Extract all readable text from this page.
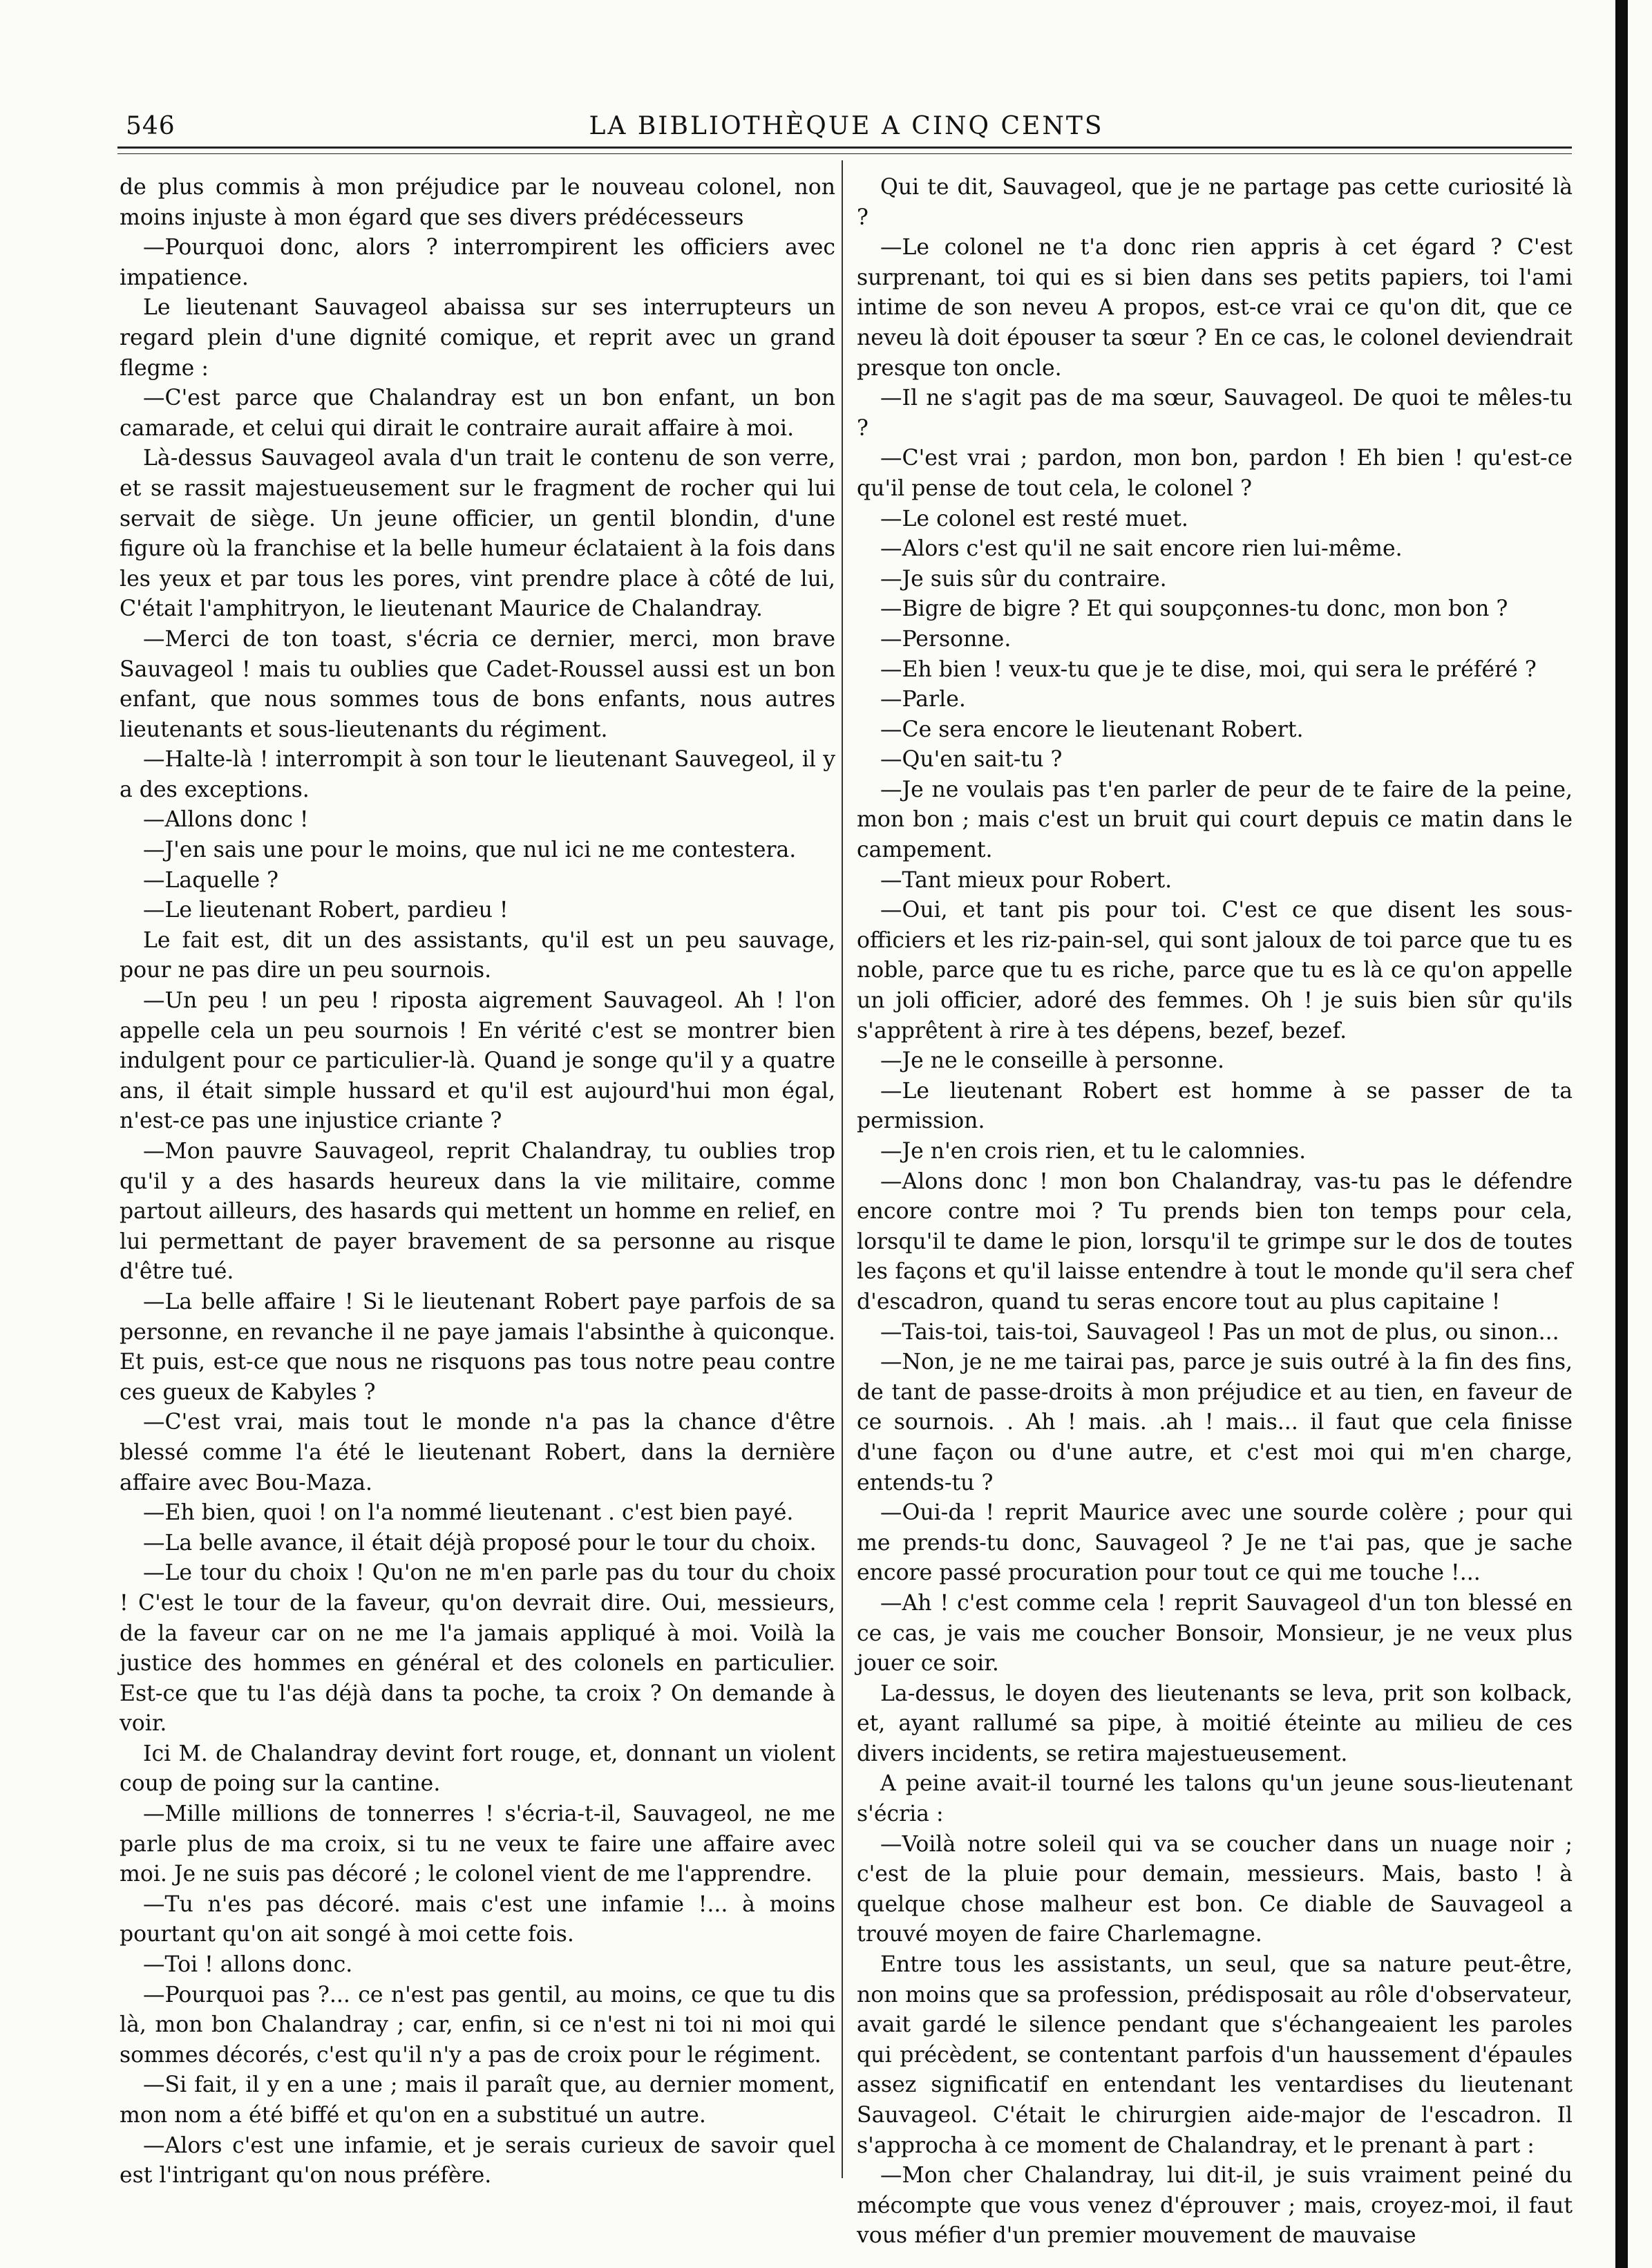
546	LA BIBLIOTHÈQUE A CINQ CENTS

de plus commis à mon préjudice par le nouveau colonel, non moins injuste à mon égard que ses divers prédécesseurs

—Pourquoi donc, alors ? interrompirent les officiers avec impatience.

Le lieutenant Sauvageol abaissa sur ses interrupteurs un regard plein d'une dignité comique, et reprit avec un grand flegme :

—C'est parce que Chalandray est un bon enfant, un bon camarade, et celui qui dirait le contraire aurait affaire à moi.

Là-dessus Sauvageol avala d'un trait le contenu de son verre, et se rassit majestueusement sur le fragment de rocher qui lui servait de siège. Un jeune officier, un gentil blondin, d'une figure où la franchise et la belle humeur éclataient à la fois dans les yeux et par tous les pores, vint prendre place à côté de lui, C'était l'amphitryon, le lieutenant Maurice de Chalandray.

—Merci de ton toast, s'écria ce dernier, merci, mon brave Sauvageol ! mais tu oublies que Cadet-Roussel aussi est un bon enfant, que nous sommes tous de bons enfants, nous autres lieutenants et sous-lieutenants du régiment.

—Halte-là ! interrompit à son tour le lieutenant Sauvegeol, il y a des exceptions.

—Allons donc !

—J'en sais une pour le moins, que nul ici ne me contestera.

—Laquelle ?

—Le lieutenant Robert, pardieu !

Le fait est, dit un des assistants, qu'il est un peu sauvage, pour ne pas dire un peu sournois.

—Un peu ! un peu ! riposta aigrement Sauvageol. Ah ! l'on appelle cela un peu sournois ! En vérité c'est se montrer bien indulgent pour ce particulier-là. Quand je songe qu'il y a quatre ans, il était simple hussard et qu'il est aujourd'hui mon égal, n'est-ce pas une injustice criante ?

—Mon pauvre Sauvageol, reprit Chalandray, tu oublies trop qu'il y a des hasards heureux dans la vie militaire, comme partout ailleurs, des hasards qui mettent un homme en relief, en lui permettant de payer bravement de sa personne au risque d'être tué.

—La belle affaire ! Si le lieutenant Robert paye parfois de sa personne, en revanche il ne paye jamais l'absinthe à quiconque. Et puis, est-ce que nous ne risquons pas tous notre peau contre ces gueux de Kabyles ?

—C'est vrai, mais tout le monde n'a pas la chance d'être blessé comme l'a été le lieutenant Robert, dans la dernière affaire avec Bou-Maza.

—Eh bien, quoi ! on l'a nommé lieutenant . c'est bien payé.

—La belle avance, il était déjà proposé pour le tour du choix.

—Le tour du choix ! Qu'on ne m'en parle pas du tour du choix ! C'est le tour de la faveur, qu'on devrait dire. Oui, messieurs, de la faveur car on ne me l'a jamais appliqué à moi. Voilà la justice des hommes en général et des colonels en particulier. Est-ce que tu l'as déjà dans ta poche, ta croix ? On demande à voir.

Ici M. de Chalandray devint fort rouge, et, donnant un violent coup de poing sur la cantine.

—Mille millions de tonnerres ! s'écria-t-il, Sauvageol, ne me parle plus de ma croix, si tu ne veux te faire une affaire avec moi. Je ne suis pas décoré ; le colonel vient de me l'apprendre.

—Tu n'es pas décoré. mais c'est une infamie !... à moins pourtant qu'on ait songé à moi cette fois.

—Toi ! allons donc.

—Pourquoi pas ?... ce n'est pas gentil, au moins, ce que tu dis là, mon bon Chalandray ; car, enfin, si ce n'est ni toi ni moi qui sommes décorés, c'est qu'il n'y a pas de croix pour le régiment.

—Si fait, il y en a une ; mais il paraît que, au dernier moment, mon nom a été biffé et qu'on en a substitué un autre.

—Alors c'est une infamie, et je serais curieux de savoir quel est l'intrigant qu'on nous préfère.

Qui te dit, Sauvageol, que je ne partage pas cette curiosité là ?

—Le colonel ne t'a donc rien appris à cet égard ? C'est surprenant, toi qui es si bien dans ses petits papiers, toi l'ami intime de son neveu A propos, est-ce vrai ce qu'on dit, que ce neveu là doit épouser ta sœur ? En ce cas, le colonel deviendrait presque ton oncle.

—Il ne s'agit pas de ma sœur, Sauvageol. De quoi te mêles-tu ?

—C'est vrai ; pardon, mon bon, pardon ! Eh bien ! qu'est-ce qu'il pense de tout cela, le colonel ?

—Le colonel est resté muet.

—Alors c'est qu'il ne sait encore rien lui-même.

—Je suis sûr du contraire.

—Bigre de bigre ? Et qui soupçonnes-tu donc, mon bon ?

—Personne.

—Eh bien ! veux-tu que je te dise, moi, qui sera le préféré ?

—Parle.

—Ce sera encore le lieutenant Robert.

—Qu'en sait-tu ?

—Je ne voulais pas t'en parler de peur de te faire de la peine, mon bon ; mais c'est un bruit qui court depuis ce matin dans le campement.

—Tant mieux pour Robert.

—Oui, et tant pis pour toi. C'est ce que disent les sous-officiers et les riz-pain-sel, qui sont jaloux de toi parce que tu es noble, parce que tu es riche, parce que tu es là ce qu'on appelle un joli officier, adoré des femmes. Oh ! je suis bien sûr qu'ils s'apprêtent à rire à tes dépens, bezef, bezef.

—Je ne le conseille à personne.

—Le lieutenant Robert est homme à se passer de ta permission.

—Je n'en crois rien, et tu le calomnies.

—Alons donc ! mon bon Chalandray, vas-tu pas le défendre encore contre moi ? Tu prends bien ton temps pour cela, lorsqu'il te dame le pion, lorsqu'il te grimpe sur le dos de toutes les façons et qu'il laisse entendre à tout le monde qu'il sera chef d'escadron, quand tu seras encore tout au plus capitaine !

—Tais-toi, tais-toi, Sauvageol ! Pas un mot de plus, ou sinon...

—Non, je ne me tairai pas, parce je suis outré à la fin des fins, de tant de passe-droits à mon préjudice et au tien, en faveur de ce sournois. . Ah ! mais. .ah ! mais... il faut que cela finisse d'une façon ou d'une autre, et c'est moi qui m'en charge, entends-tu ?

—Oui-da ! reprit Maurice avec une sourde colère ; pour qui me prends-tu donc, Sauvageol ? Je ne t'ai pas, que je sache encore passé procuration pour tout ce qui me touche !...

—Ah ! c'est comme cela ! reprit Sauvageol d'un ton blessé en ce cas, je vais me coucher Bonsoir, Monsieur, je ne veux plus jouer ce soir.

La-dessus, le doyen des lieutenants se leva, prit son kolback, et, ayant rallumé sa pipe, à moitié éteinte au milieu de ces divers incidents, se retira majestueusement.

A peine avait-il tourné les talons qu'un jeune sous-lieutenant s'écria :

—Voilà notre soleil qui va se coucher dans un nuage noir ; c'est de la pluie pour demain, messieurs. Mais, basto ! à quelque chose malheur est bon. Ce diable de Sauvageol a trouvé moyen de faire Charlemagne.

Entre tous les assistants, un seul, que sa nature peut-être, non moins que sa profession, prédisposait au rôle d'observateur, avait gardé le silence pendant que s'échangeaient les paroles qui précèdent, se contentant parfois d'un haussement d'épaules assez significatif en entendant les ventardises du lieutenant Sauvageol. C'était le chirurgien aide-major de l'escadron. Il s'approcha à ce moment de Chalandray, et le prenant à part :

—Mon cher Chalandray, lui dit-il, je suis vraiment peiné du mécompte que vous venez d'éprouver ; mais, croyez-moi, il faut vous méfier d'un premier mouvement de mauvaise
